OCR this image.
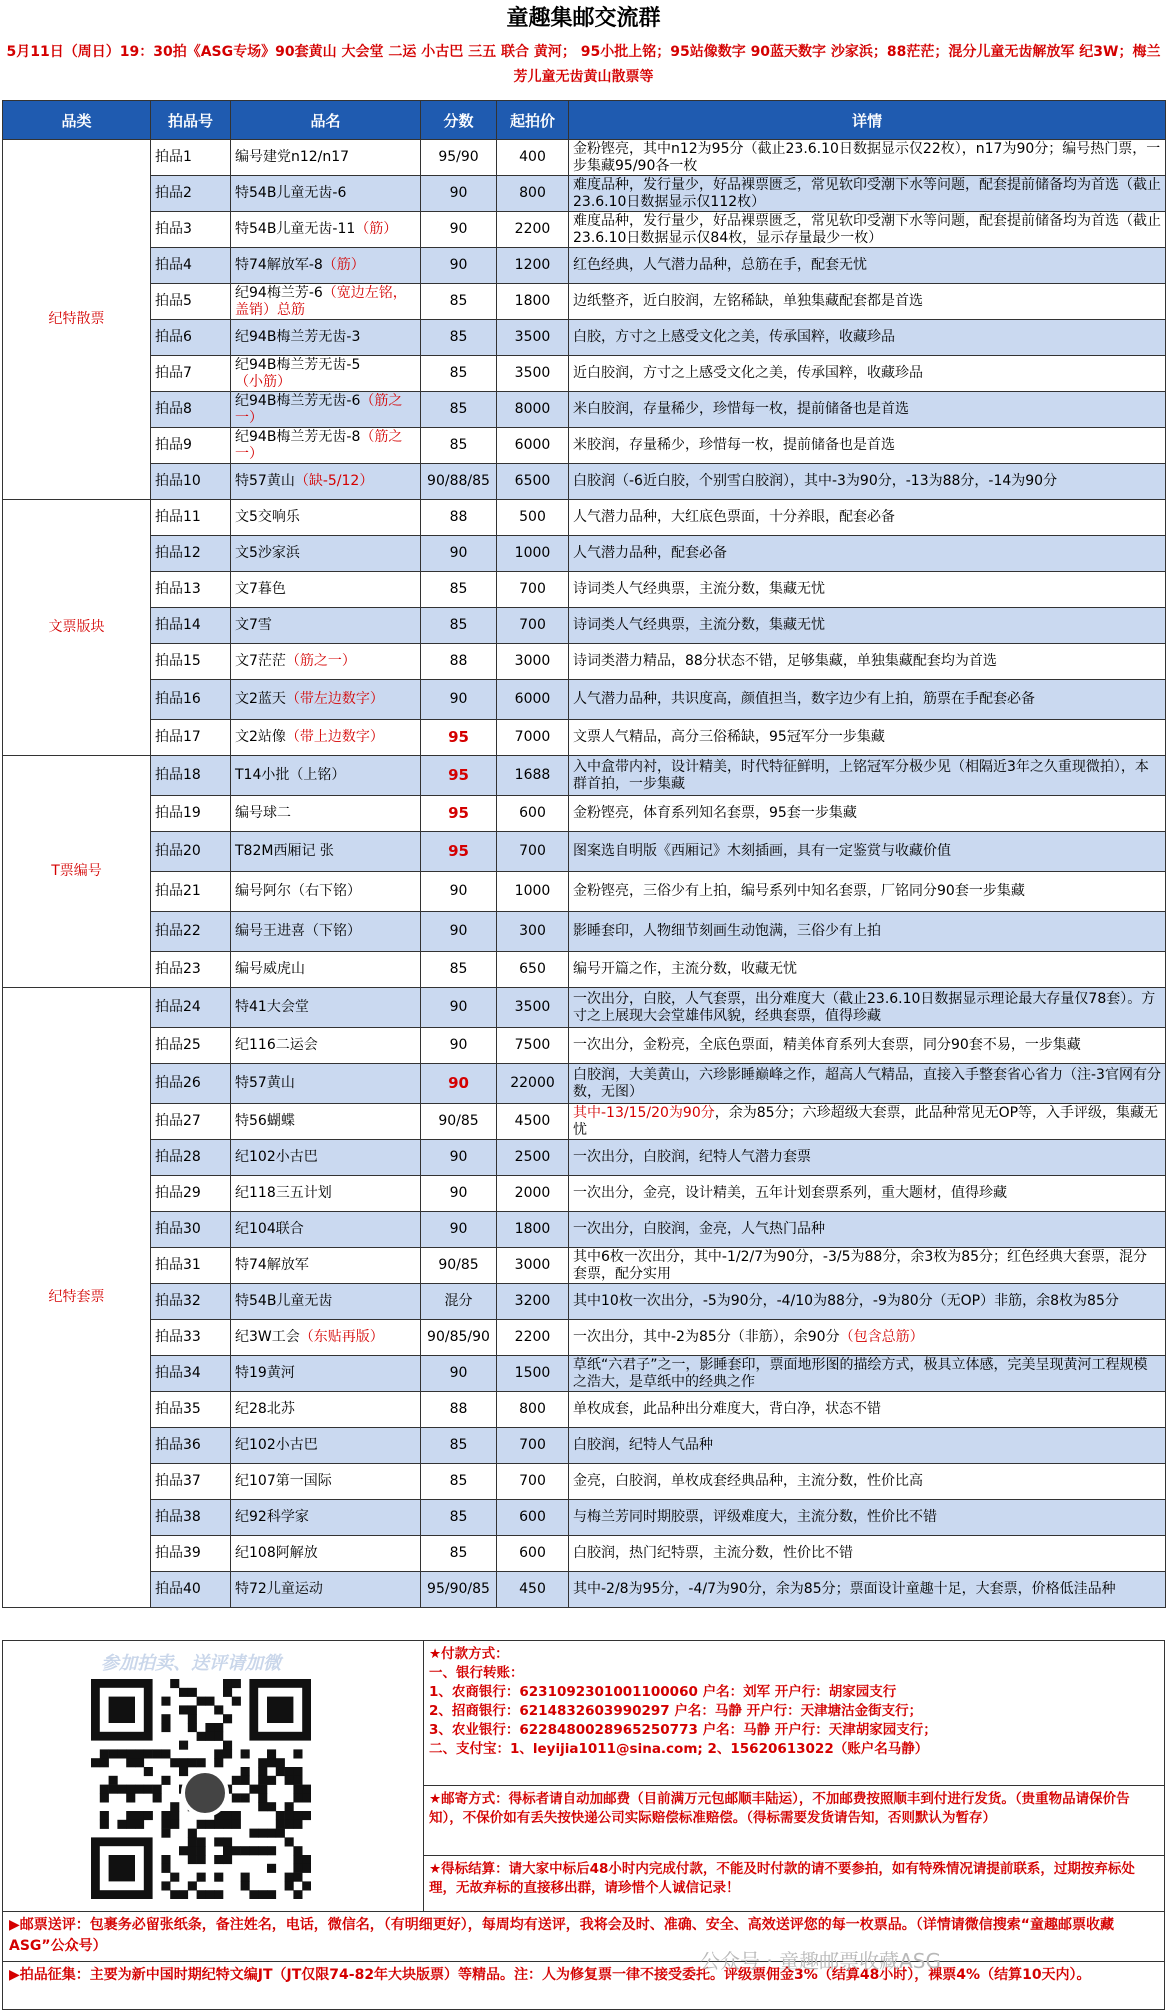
童趣集邮交流群
5月11日（周日）19：30拍《ASG专场》90套黄山 大会堂 二运 小古巴 三五 联合 黄河； 95小批上铭；95站像数字 90蓝天数字 沙家浜；88茫茫；混分儿童无齿解放军 纪3W；梅兰芳儿童无齿黄山散票等
品类	拍品号	品名	分数	起拍价	详情
纪特散票	拍品1	编号建党n12/n17	95/90	400	金粉铿亮，其中n12为95分（截止23.6.10日数据显示仅22枚），n17为90分；编号热门票，一步集藏95/90各一枚
	拍品2	特54B儿童无齿-6	90	800	难度品种，发行量少，好品裸票匮乏，常见软印受潮下水等问题，配套提前储备均为首选（截止23.6.10日数据显示仅112枚）
	拍品3	特54B儿童无齿-11（筋）	90	2200	难度品种，发行量少，好品裸票匮乏，常见软印受潮下水等问题，配套提前储备均为首选（截止23.6.10日数据显示仅84枚，显示存量最少一枚）
	拍品4	特74解放军-8（筋）	90	1200	红色经典，人气潜力品种，总筋在手，配套无忧
	拍品5	纪94梅兰芳-6（宽边左铭，盖销）总筋	85	1800	边纸整齐，近白胶润，左铭稀缺，单独集藏配套都是首选
	拍品6	纪94B梅兰芳无齿-3	85	3500	白胶，方寸之上感受文化之美，传承国粹，收藏珍品
	拍品7	纪94B梅兰芳无齿-5（小筋）	85	3500	近白胶润，方寸之上感受文化之美，传承国粹，收藏珍品
	拍品8	纪94B梅兰芳无齿-6（筋之一）	85	8000	米白胶润，存量稀少，珍惜每一枚，提前储备也是首选
	拍品9	纪94B梅兰芳无齿-8（筋之一）	85	6000	米胶润，存量稀少，珍惜每一枚，提前储备也是首选
	拍品10	特57黄山（缺-5/12）	90/88/85	6500	白胶润（-6近白胶，个别雪白胶润），其中-3为90分，-13为88分，-14为90分
文票版块	拍品11	文5交响乐	88	500	人气潜力品种，大红底色票面，十分养眼，配套必备
	拍品12	文5沙家浜	90	1000	人气潜力品种，配套必备
	拍品13	文7暮色	85	700	诗词类人气经典票，主流分数，集藏无忧
	拍品14	文7雪	85	700	诗词类人气经典票，主流分数，集藏无忧
	拍品15	文7茫茫（筋之一）	88	3000	诗词类潜力精品，88分状态不错，足够集藏，单独集藏配套均为首选
	拍品16	文2蓝天（带左边数字）	90	6000	人气潜力品种，共识度高，颜值担当，数字边少有上拍，筋票在手配套必备
	拍品17	文2站像（带上边数字）	95	7000	文票人气精品，高分三俗稀缺，95冠军分一步集藏
T票编号	拍品18	T14小批（上铭）	95	1688	入中盒带内衬，设计精美，时代特征鲜明，上铭冠军分极少见（相隔近3年之久重现微拍），本群首拍，一步集藏
	拍品19	编号球二	95	600	金粉铿亮，体育系列知名套票，95套一步集藏
	拍品20	T82M西厢记 张	95	700	图案选自明版《西厢记》木刻插画，具有一定鉴赏与收藏价值
	拍品21	编号阿尔（右下铭）	90	1000	金粉铿亮，三俗少有上拍，编号系列中知名套票，厂铭同分90套一步集藏
	拍品22	编号王进喜（下铭）	90	300	影睡套印，人物细节刻画生动饱满，三俗少有上拍
	拍品23	编号威虎山	85	650	编号开篇之作，主流分数，收藏无忧
纪特套票	拍品24	特41大会堂	90	3500	一次出分，白胶，人气套票，出分难度大（截止23.6.10日数据显示理论最大存量仅78套）。方寸之上展现大会堂雄伟风貌，经典套票，值得珍藏
	拍品25	纪116二运会	90	7500	一次出分，金粉亮，全底色票面，精美体育系列大套票，同分90套不易，一步集藏
	拍品26	特57黄山	90	22000	白胶润，大美黄山，六珍影睡巅峰之作，超高人气精品，直接入手整套省心省力（注-3官网有分数，无图）
	拍品27	特56蝴蝶	90/85	4500	其中-13/15/20为90分，余为85分；六珍超级大套票，此品种常见无OP等，入手评级，集藏无忧
	拍品28	纪102小古巴	90	2500	一次出分，白胶润，纪特人气潜力套票
	拍品29	纪118三五计划	90	2000	一次出分，金亮，设计精美，五年计划套票系列，重大题材，值得珍藏
	拍品30	纪104联合	90	1800	一次出分，白胶润，金亮，人气热门品种
	拍品31	特74解放军	90/85	3000	其中6枚一次出分，其中-1/2/7为90分，-3/5为88分，余3枚为85分；红色经典大套票，混分套票，配分实用
	拍品32	特54B儿童无齿	混分	3200	其中10枚一次出分，-5为90分，-4/10为88分，-9为80分（无OP）非筋，余8枚为85分
	拍品33	纪3W工会（东贴再版）	90/85/90	2200	一次出分，其中-2为85分（非筋），余90分（包含总筋）
	拍品34	特19黄河	90	1500	草纸“六君子”之一，影睡套印，票面地形图的描绘方式，极具立体感，完美呈现黄河工程规模之浩大，是草纸中的经典之作
	拍品35	纪28北苏	88	800	单枚成套，此品种出分难度大，背白净，状态不错
	拍品36	纪102小古巴	85	700	白胶润，纪特人气品种
	拍品37	纪107第一国际	85	700	金亮，白胶润，单枚成套经典品种，主流分数，性价比高
	拍品38	纪92科学家	85	600	与梅兰芳同时期胶票，评级难度大，主流分数，性价比不错
	拍品39	纪108阿解放	85	600	白胶润，热门纪特票，主流分数，性价比不错
	拍品40	特72儿童运动	95/90/85	450	其中-2/8为95分，-4/7为90分，余为85分；票面设计童趣十足，大套票，价格低洼品种
参加拍卖、送评请加微	★付款方式：
一、银行转账：
1、农商银行：6231092301001100060 户名：刘军 开户行：胡家园支行
2、招商银行：6214832603990297 户名：马静 开户行：天津塘沽金街支行；
3、农业银行：6228480028965250773 户名：马静 开户行：天津胡家园支行；
二、支付宝：1、leyijia1011@sina.com; 2、15620613022（账户名马静）
★邮寄方式：得标者请自动加邮费（目前满万元包邮顺丰陆运），不加邮费按照顺丰到付进行发货。（贵重物品请保价告知），不保价如有丢失按快递公司实际赔偿标准赔偿。（得标需要发货请告知，否则默认为暂存）
★得标结算：请大家中标后48小时内完成付款，不能及时付款的请不要参拍，如有特殊情况请提前联系，过期按弃标处理，无故弃标的直接移出群，请珍惜个人诚信记录！
▶邮票送评：包裹务必留张纸条，备注姓名，电话，微信名，（有明细更好），每周均有送评，我将会及时、准确、安全、高效送评您的每一枚票品。（详情请微信搜索“童趣邮票收藏ASG”公众号）
▶拍品征集：主要为新中国时期纪特文编JT（JT仅限74-82年大块版票）等精品。注：人为修复票一律不接受委托。评级票佣金3%（结算48小时），裸票4%（结算10天内）。
公众号 · 童趣邮票收藏ASG
